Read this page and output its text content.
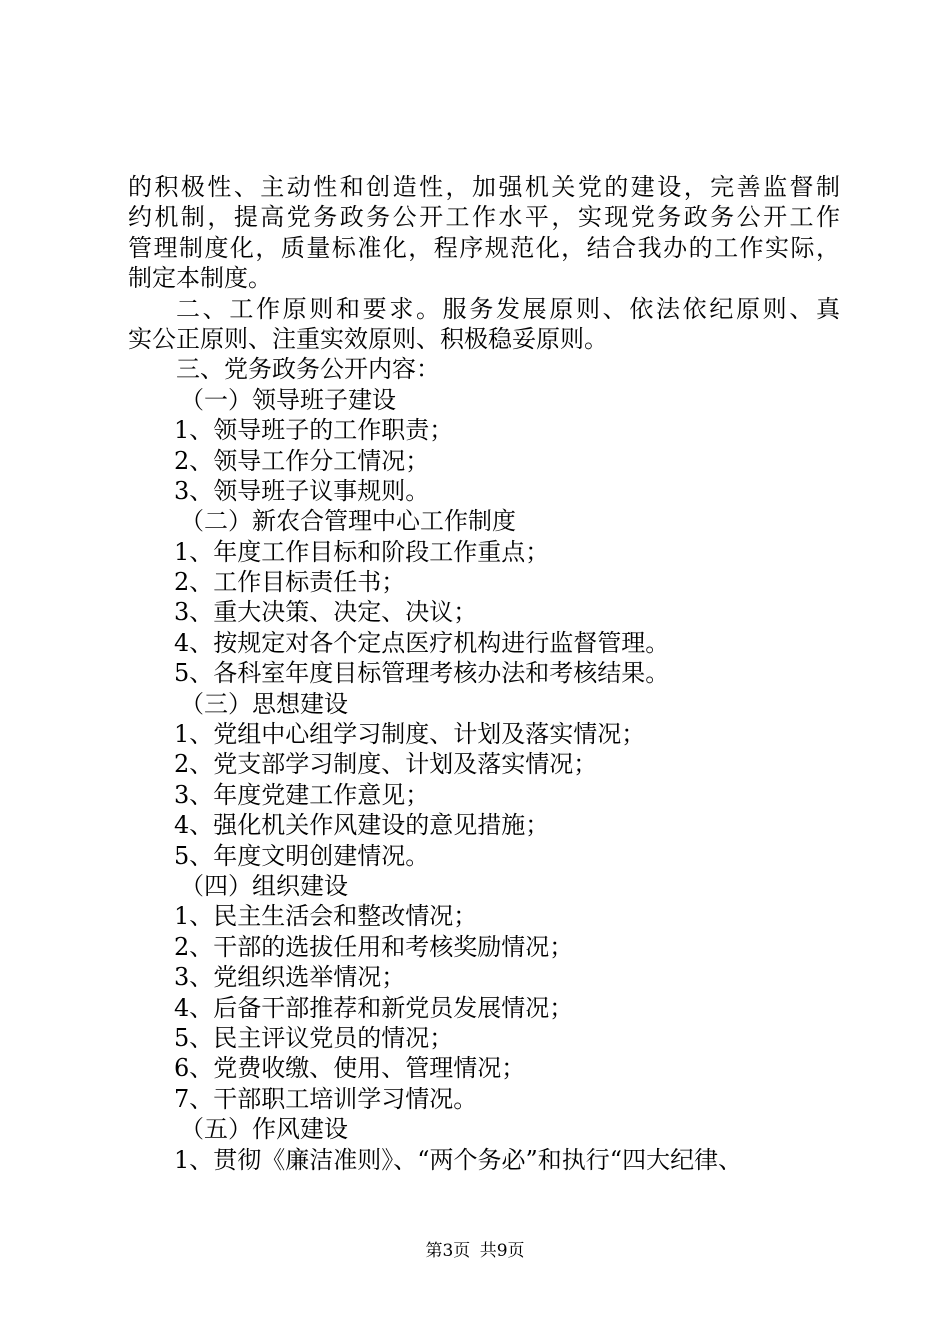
的积极性、主动性和创造性，加强机关党的建设，完善监督制
约机制，提高党务政务公开工作水平，实现党务政务公开工作
管理制度化，质量标准化，程序规范化，结合我办的工作实际，
制定本制度。
二、工作原则和要求。服务发展原则、依法依纪原则、真
实公正原则、注重实效原则、积极稳妥原则。
三、党务政务公开内容：
（一）领导班子建设
1、领导班子的工作职责；
2、领导工作分工情况；
3、领导班子议事规则。
（二）新农合管理中心工作制度
1、年度工作目标和阶段工作重点；
2、工作目标责任书；
3、重大决策、决定、决议；
4、按规定对各个定点医疗机构进行监督管理。
5、各科室年度目标管理考核办法和考核结果。
（三）思想建设
1、党组中心组学习制度、计划及落实情况；
2、党支部学习制度、计划及落实情况；
3、年度党建工作意见；
4、强化机关作风建设的意见措施；
5、年度文明创建情况。
（四）组织建设
1、民主生活会和整改情况；
2、干部的选拔任用和考核奖励情况；
3、党组织选举情况；
4、后备干部推荐和新党员发展情况；
5、民主评议党员的情况；
6、党费收缴、使用、管理情况；
7、干部职工培训学习情况。
（五）作风建设
1、贯彻《廉洁准则》、“两个务必”和执行“四大纪律、
第3页 共9页
